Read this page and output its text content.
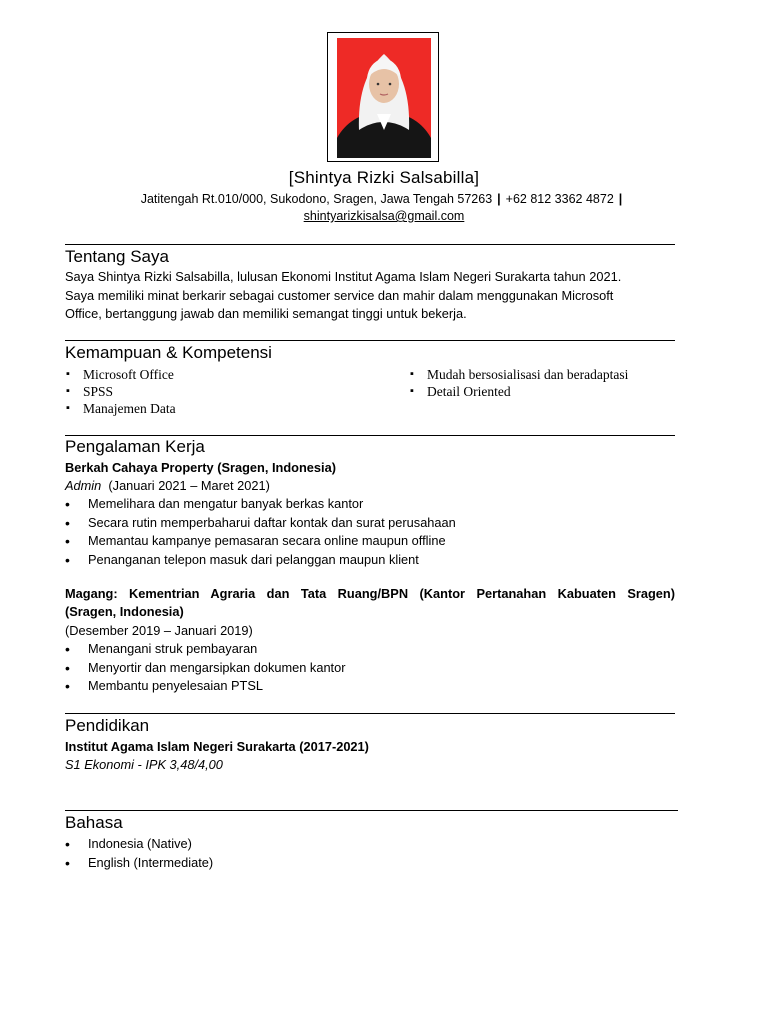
[Shintya Rizki Salsabilla]
Jatitengah Rt.010/000, Sukodono, Sragen, Jawa Tengah 57263 | +62 812 3362 4872 |
shintyarizkisalsa@gmail.com
Tentang Saya
Saya Shintya Rizki Salsabilla, lulusan Ekonomi Institut Agama Islam Negeri Surakarta tahun 2021.
Saya memiliki minat berkarir sebagai customer service dan mahir dalam menggunakan Microsoft
Office, bertanggung jawab dan memiliki semangat tinggi untuk bekerja.
Kemampuan & Kompetensi
▪ Microsoft Office
▪ SPSS
▪ Manajemen Data
▪ Mudah bersosialisasi dan beradaptasi
▪ Detail Oriented
Pengalaman Kerja
Berkah Cahaya Property (Sragen, Indonesia)
Admin (Januari 2021 – Maret 2021)
• Memelihara dan mengatur banyak berkas kantor
• Secara rutin memperbaharui daftar kontak dan surat perusahaan
• Memantau kampanye pemasaran secara online maupun offline
• Penanganan telepon masuk dari pelanggan maupun klient
Magang: Kementrian Agraria dan Tata Ruang/BPN (Kantor Pertanahan Kabuaten Sragen)
(Sragen, Indonesia)
(Desember 2019 – Januari 2019)
• Menangani struk pembayaran
• Menyortir dan mengarsipkan dokumen kantor
• Membantu penyelesaian PTSL
Pendidikan
Institut Agama Islam Negeri Surakarta (2017-2021)
S1 Ekonomi - IPK 3,48/4,00
Bahasa
• Indonesia (Native)
• English (Intermediate)
